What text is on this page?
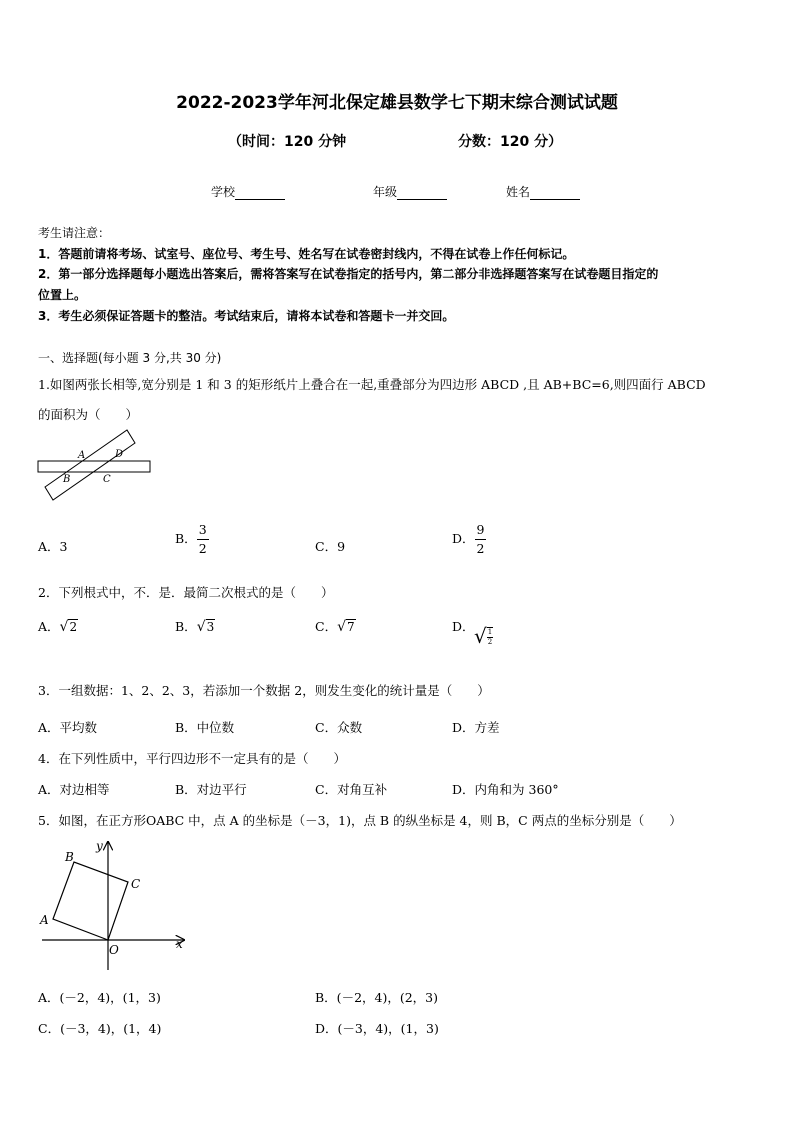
2022-2023学年河北保定雄县数学七下期末综合测试试题
（时间：120 分钟	分数：120 分）
学校	年级	姓名
考生请注意：
1．答题前请将考场、试室号、座位号、考生号、姓名写在试卷密封线内，不得在试卷上作任何标记。
2．第一部分选择题每小题选出答案后，需将答案写在试卷指定的括号内，第二部分非选择题答案写在试卷题目指定的
位置上。
3．考生必须保证答题卡的整洁。考试结束后，请将本试卷和答题卡一并交回。
一、选择题(每小题 3 分,共 30 分)
1.如图两张长相等,宽分别是 1 和 3 的矩形纸片上叠合在一起,重叠部分为四边形 ABCD ,且 AB+BC=6,则四面行 ABCD
的面积为（　　）
A	D
B	C
A．3
B． $\frac{3}{2}$	C．9
D． $\frac{9}{2}$
2．下列根式中，不．是．最简二次根式的是（　　）
A．√2	B．√3	C．√7	D． √ $\frac{1}{2}$
3．一组数据：1、2、2、3，若添加一个数据 2，则发生变化的统计量是（　　）
A．平均数	B．中位数	C．众数	D．方差
4．在下列性质中，平行四边形不一定具有的是（　　）
A．对边相等	B．对边平行	C．对角互补	D．内角和为 360°
5．如图，在正方形OABC 中，点 A 的坐标是（－3，1)，点 B 的纵坐标是 4，则 B，C 两点的坐标分别是（　　）
A
B
C
O	x
y
A．(－2，4)，(1，3)	B．(－2，4)，(2，3)
C．(－3，4)，(1，4)	D．(－3，4)，(1，3)
